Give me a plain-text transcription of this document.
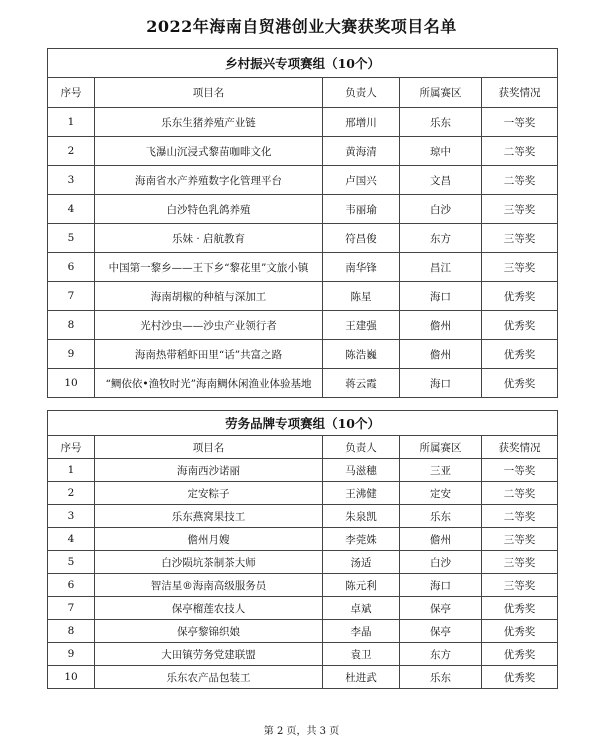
2022年海南自贸港创业大赛获奖项目名单
乡村振兴专项赛组（10个）				
序号	项目名	负责人	所属赛区	获奖情况
1	乐东生猪养殖产业链	邢增川	乐东	一等奖
2	飞瀑山沉浸式黎苗咖啡文化	黄海清	琼中	二等奖
3	海南省水产养殖数字化管理平台	卢国兴	文昌	二等奖
4	白沙特色乳鸽养殖	韦丽瑜	白沙	三等奖
5	乐妹 · 启航教育	符昌俊	东方	三等奖
6	中国第一黎乡——王下乡“黎花里”文旅小镇	南华锋	昌江	三等奖
7	海南胡椒的种植与深加工	陈星	海口	优秀奖
8	光村沙虫——沙虫产业领行者	王建强	儋州	优秀奖
9	海南热带稻虾田里“话”共富之路	陈浩巍	儋州	优秀奖
10	“鲷依依•渔牧时光”海南鲷休闲渔业体验基地	蒋云霞	海口	优秀奖
劳务品牌专项赛组（10个）				
序号	项目名	负责人	所属赛区	获奖情况
1	海南西沙诺丽	马滋穗	三亚	一等奖
2	定安粽子	王沸健	定安	二等奖
3	乐东燕窝果技工	朱泉凯	乐东	二等奖
4	儋州月嫂	李莞姝	儋州	三等奖
5	白沙陨坑茶制茶大师	汤适	白沙	三等奖
6	智洁星®海南高级服务员	陈元利	海口	三等奖
7	保亭榴莲农技人	卓斌	保亭	优秀奖
8	保亭黎锦织娘	李晶	保亭	优秀奖
9	大田镇劳务党建联盟	袁卫	东方	优秀奖
10	乐东农产品包装工	杜进武	乐东	优秀奖
第 2 页，共 3 页
